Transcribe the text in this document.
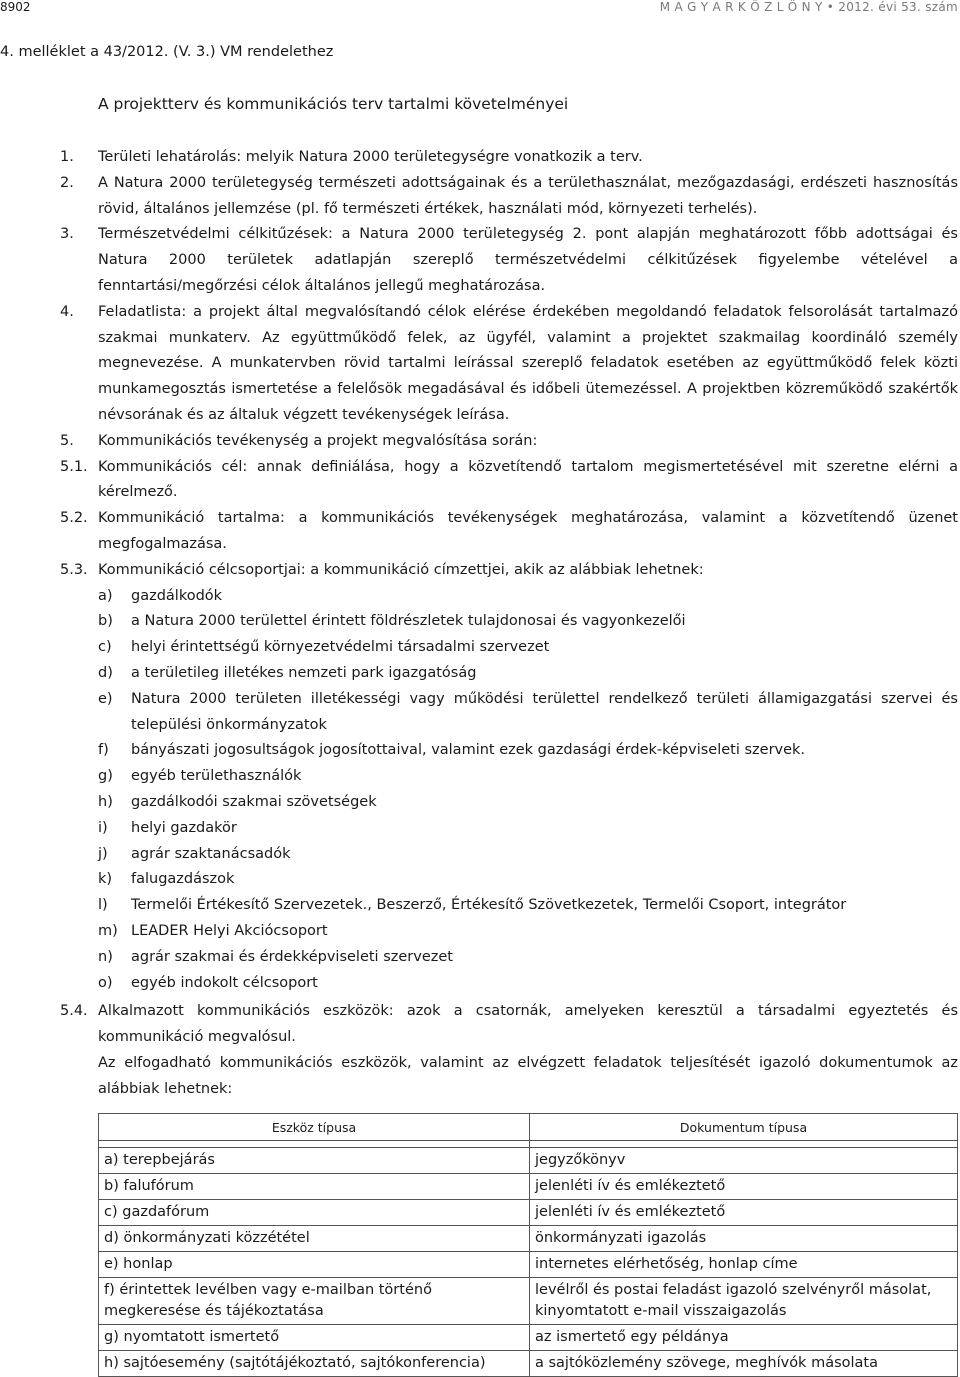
8902	M A G Y A R K Ö Z L Ö N Y • 2012. évi 53. szám
4. melléklet a 43/2012. (V. 3.) VM rendelethez
A projektterv és kommunikációs terv tartalmi követelményei
1.	Területi lehatárolás: melyik Natura 2000 területegységre vonatkozik a terv.
2.	A Natura 2000 területegység természeti adottságainak és a területhasználat, mezőgazdasági, erdészeti hasznosítás rövid, általános jellemzése (pl. fő természeti értékek, használati mód, környezeti terhelés).
3.	Természetvédelmi célkitűzések: a Natura 2000 területegység 2. pont alapján meghatározott főbb adottságai és Natura 2000 területek adatlapján szereplő természetvédelmi célkitűzések figyelembe vételével a fenntartási/megőrzési célok általános jellegű meghatározása.
4.	Feladatlista: a projekt által megvalósítandó célok elérése érdekében megoldandó feladatok felsorolását tartalmazó szakmai munkaterv. Az együttműködő felek, az ügyfél, valamint a projektet szakmailag koordináló személy megnevezése. A munkatervben rövid tartalmi leírással szereplő feladatok esetében az együttműködő felek közti munkamegosztás ismertetése a felelősök megadásával és időbeli ütemezéssel. A projektben közreműködő szakértők névsorának és az általuk végzett tevékenységek leírása.
5.	Kommunikációs tevékenység a projekt megvalósítása során:
5.1. Kommunikációs cél: annak definiálása, hogy a közvetítendő tartalom megismertetésével mit szeretne elérni a kérelmező.
5.2. Kommunikáció tartalma: a kommunikációs tevékenységek meghatározása, valamint a közvetítendő üzenet megfogalmazása.
5.3. Kommunikáció célcsoportjai: a kommunikáció címzettjei, akik az alábbiak lehetnek:
a)	gazdálkodók
b)	a Natura 2000 területtel érintett földrészletek tulajdonosai és vagyonkezelői
c)	helyi érintettségű környezetvédelmi társadalmi szervezet
d)	a területileg illetékes nemzeti park igazgatóság
e)	Natura 2000 területen illetékességi vagy működési területtel rendelkező területi államigazgatási szervei és települési önkormányzatok
f)	bányászati jogosultságok jogosítottaival, valamint ezek gazdasági érdek-képviseleti szervek.
g)	egyéb területhasználók
h)	gazdálkodói szakmai szövetségek
i)	helyi gazdakör
j)	agrár szaktanácsadók
k)	falugazdászok
l)	Termelői Értékesítő Szervezetek., Beszerző, Értékesítő Szövetkezetek, Termelői Csoport, integrátor
m) LEADER Helyi Akciócsoport
n)	agrár szakmai és érdekképviseleti szervezet
o)	egyéb indokolt célcsoport
5.4. Alkalmazott kommunikációs eszközök: azok a csatornák, amelyeken keresztül a társadalmi egyeztetés és kommunikáció megvalósul.
Az elfogadható kommunikációs eszközök, valamint az elvégzett feladatok teljesítését igazoló dokumentumok az alábbiak lehetnek:
Eszköz típusa	Dokumentum típusa

a) terepbejárás	jegyzőkönyv
b) falufórum	jelenléti ív és emlékeztető
c) gazdafórum	jelenléti ív és emlékeztető
d) önkormányzati közzététel	önkormányzati igazolás
e) honlap	internetes elérhetőség, honlap címe
f) érintettek levélben vagy e-mailban történő megkeresése és tájékoztatása	levélről és postai feladást igazoló szelvényről másolat, kinyomtatott e-mail visszaigazolás
g) nyomtatott ismertető	az ismertető egy példánya
h) sajtóesemény (sajtótájékoztató, sajtókonferencia)	a sajtóközlemény szövege, meghívók másolata
